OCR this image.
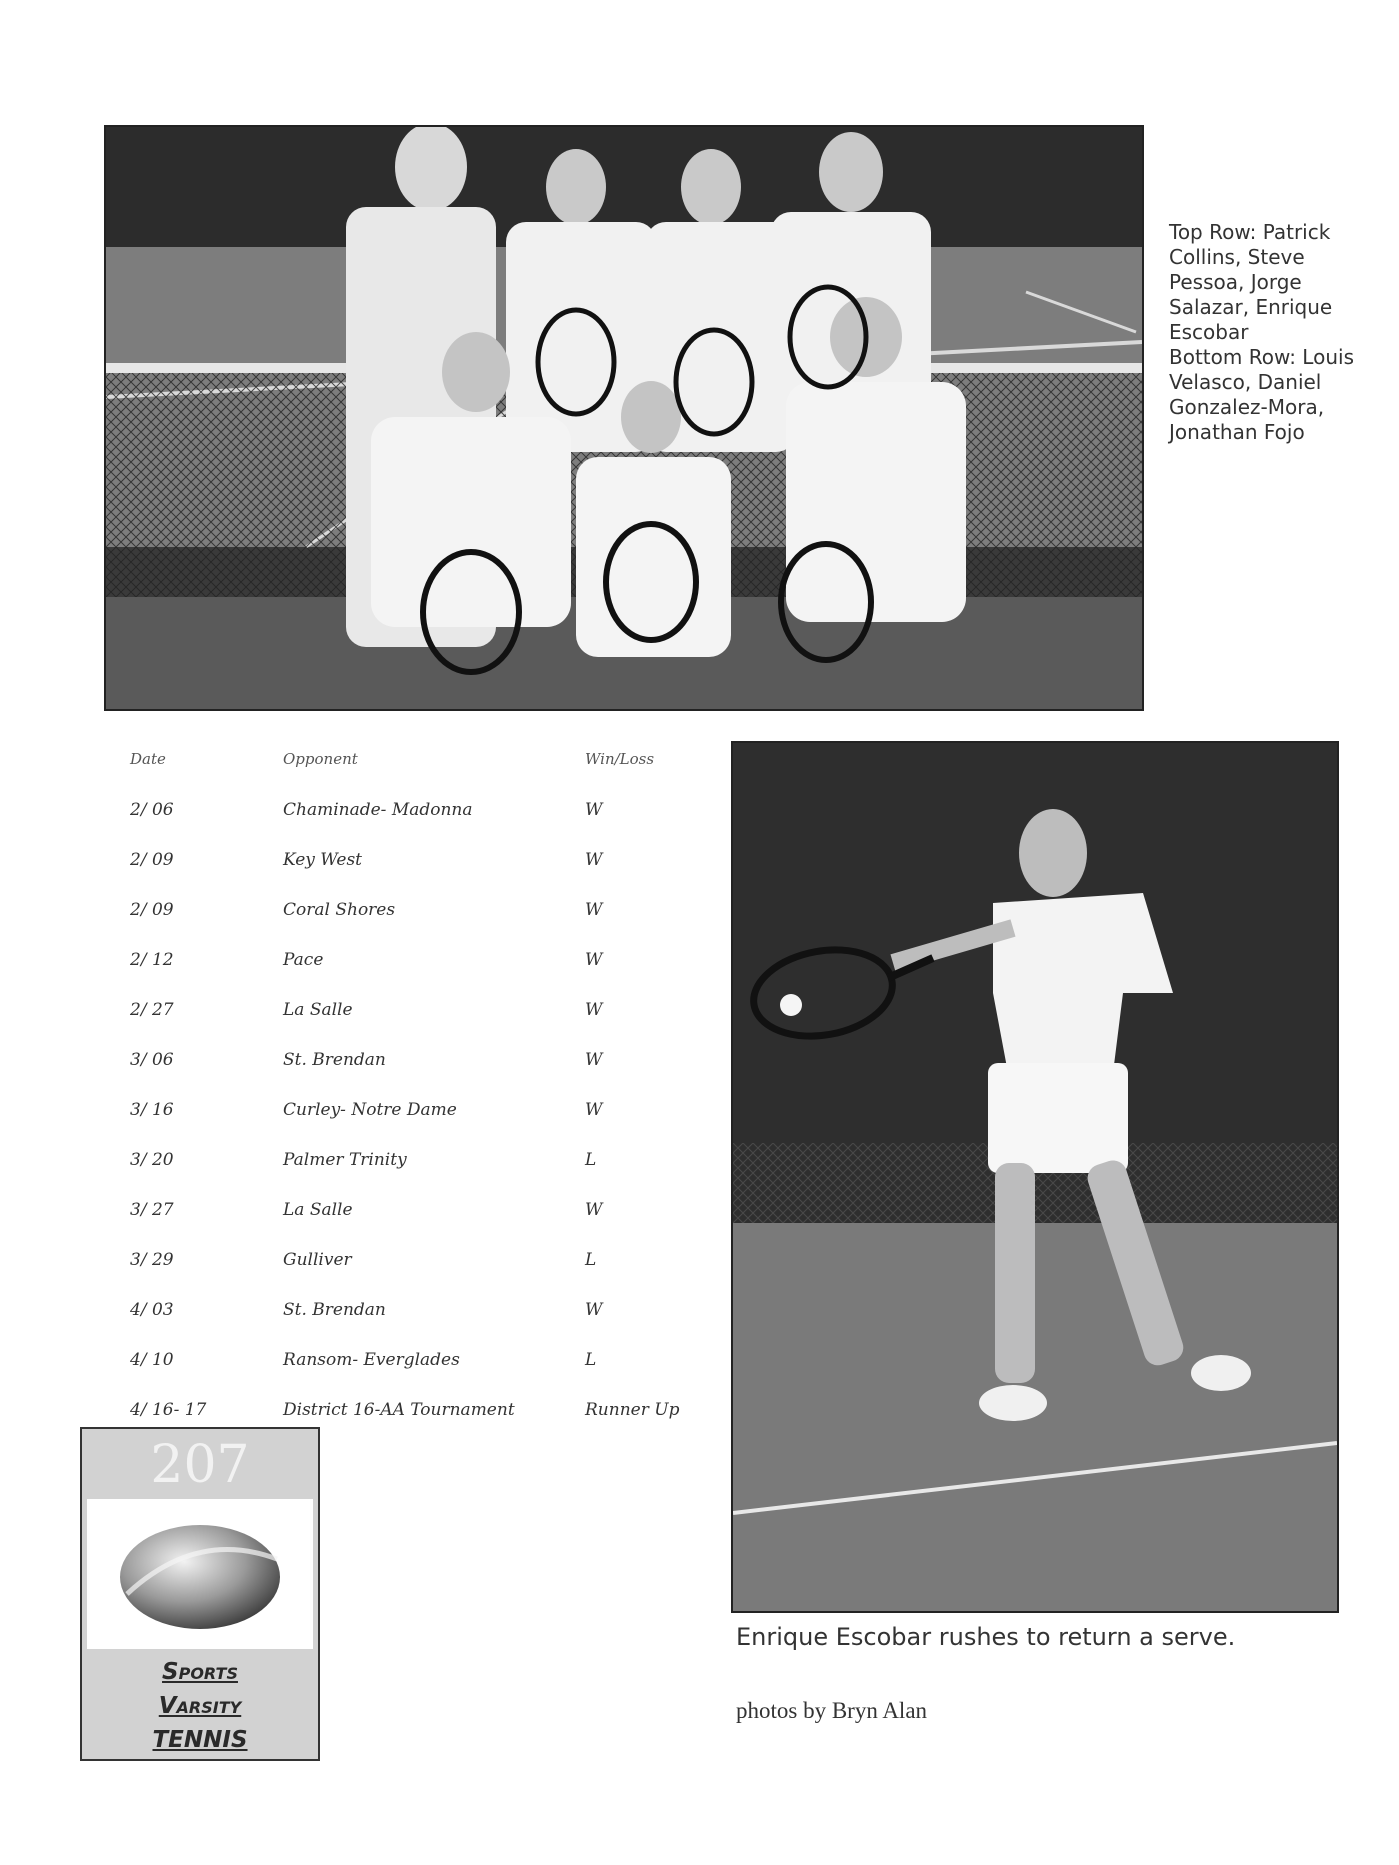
Top Row: Patrick
Collins, Steve
Pessoa, Jorge
Salazar, Enrique
Escobar
Bottom Row: Louis
Velasco, Daniel
Gonzalez-Mora,
Jonathan Fojo
Date	Opponent	Win/Loss
2/ 06	Chaminade- Madonna	W
2/ 09	Key West	W
2/ 09	Coral Shores	W
2/ 12	Pace	W
2/ 27	La Salle	W
3/ 06	St. Brendan	W
3/ 16	Curley- Notre Dame	W
3/ 20	Palmer Trinity	L
3/ 27	La Salle	W
3/ 29	Gulliver	L
4/ 03	St. Brendan	W
4/ 10	Ransom- Everglades	L
4/ 16- 17	District 16-AA Tournament	Runner Up
207
Sports
Varsity
TENNIS
Enrique Escobar rushes to return a serve.
photos by Bryn Alan
